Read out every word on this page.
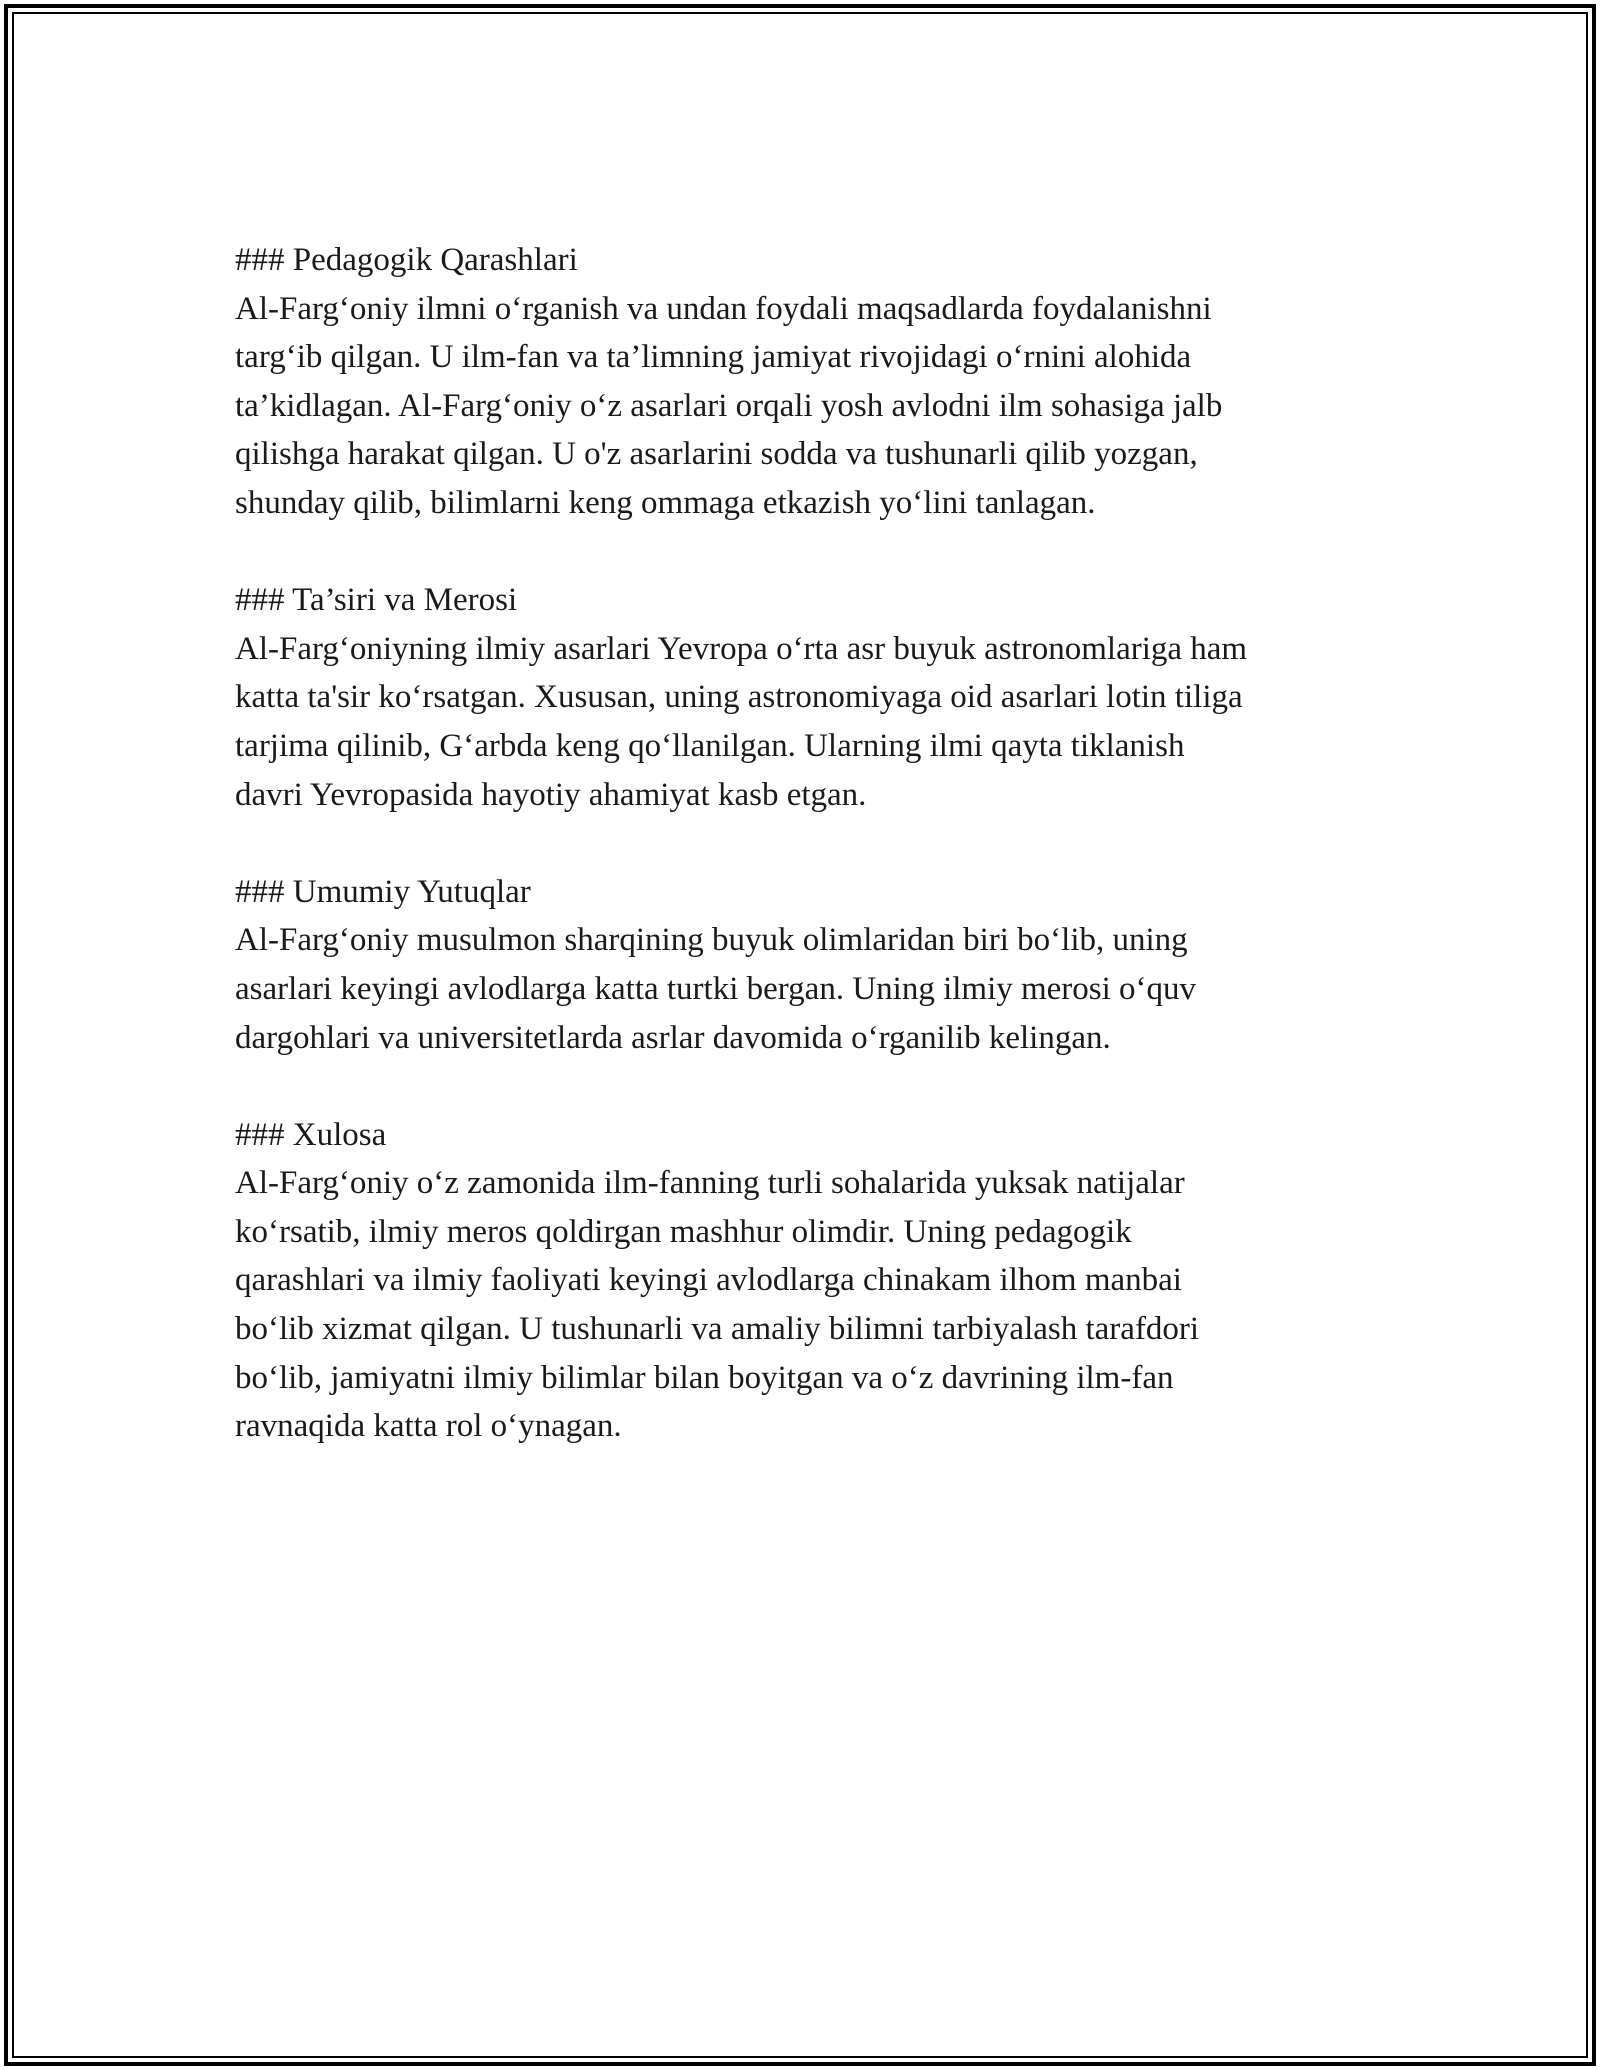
### Pedagogik Qarashlari

Al-Farg‘oniy ilmni o‘rganish va undan foydali maqsadlarda foydalanishni
targ‘ib qilgan. U ilm-fan va ta’limning jamiyat rivojidagi o‘rnini alohida
ta’kidlagan. Al-Farg‘oniy o‘z asarlari orqali yosh avlodni ilm sohasiga jalb
qilishga harakat qilgan. U o'z asarlarini sodda va tushunarli qilib yozgan,
shunday qilib, bilimlarni keng ommaga etkazish yo‘lini tanlagan.

### Ta’siri va Merosi

Al-Farg‘oniyning ilmiy asarlari Yevropa o‘rta asr buyuk astronomlariga ham
katta ta'sir ko‘rsatgan. Xususan, uning astronomiyaga oid asarlari lotin tiliga
tarjima qilinib, G‘arbda keng qo‘llanilgan. Ularning ilmi qayta tiklanish
davri Yevropasida hayotiy ahamiyat kasb etgan.

### Umumiy Yutuqlar

Al-Farg‘oniy musulmon sharqining buyuk olimlaridan biri bo‘lib, uning
asarlari keyingi avlodlarga katta turtki bergan. Uning ilmiy merosi o‘quv
dargohlari va universitetlarda asrlar davomida o‘rganilib kelingan.

### Xulosa

Al-Farg‘oniy o‘z zamonida ilm-fanning turli sohalarida yuksak natijalar
ko‘rsatib, ilmiy meros qoldirgan mashhur olimdir. Uning pedagogik
qarashlari va ilmiy faoliyati keyingi avlodlarga chinakam ilhom manbai
bo‘lib xizmat qilgan. U tushunarli va amaliy bilimni tarbiyalash tarafdori
bo‘lib, jamiyatni ilmiy bilimlar bilan boyitgan va o‘z davrining ilm-fan
ravnaqida katta rol o‘ynagan.
